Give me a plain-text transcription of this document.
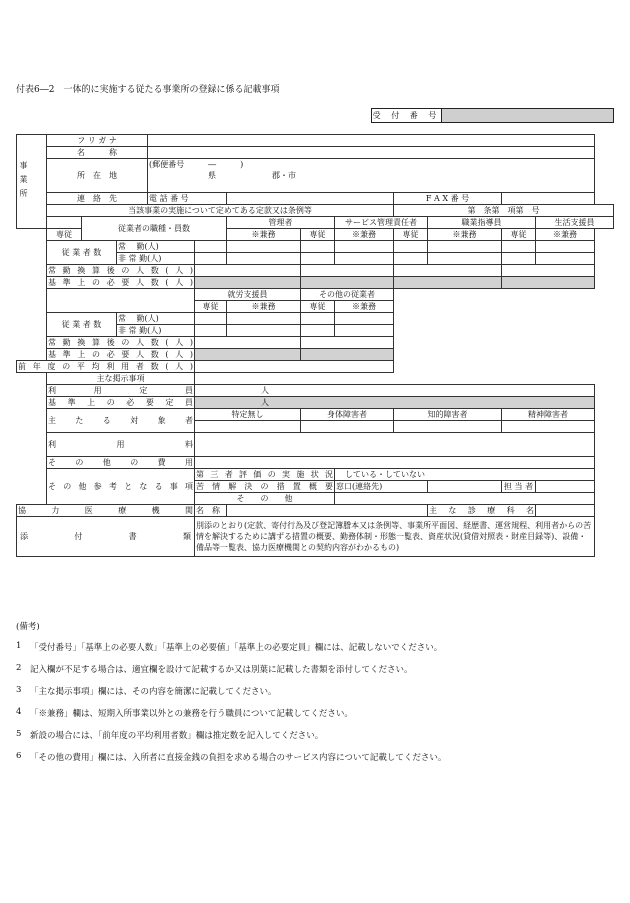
付表6―2　一体的に実施する従たる事業所の登録に係る記載事項
受 付 番 号
事業所	フ リ ガ ナ											
	名　　　称											
	所　在　地			(郵便番号　　　―　　　)								
				県　　　　　　　郡・市								

	連　絡　先			電 話 番 号					F A X 番 号			
	当該事業の実施について定めてある定款又は条例等								第　条第　項第　号			
		従業者の職種・員数				管理者		サービス管理責任者		職業指導員		生活支援員
	専従					※兼務	専従	※兼務	専従	※兼務	専従	※兼務
	従 業 者 数		常　 勤(人)									
			非 常 勤(人)									
	常勤換算後の人数(人)											
	基準上の必要人数(人)											
					就労支援員		その他の従業者					
					専従	※兼務	専従	※兼務				
	従 業 者 数		常　 勤(人)									
			非 常 勤(人)									
	常勤換算後の人数(人)											
	基準上の必要人数(人)											
前年度の平均利用者数(人)												
	主な掲示事項											
	利　　用　　定　　員				人							
	基準上の必要定員				人							
	主　た　る　対　象　者				特定無し		身体障害者		知的障害者		精神障害者	

	利　　　　用　　　　料											
	そ　の　他　の　費　用											
	その他参考となる事項				第三者評価の実施状況			している・していない				
					苦情解決の措置概要			窓口(連絡先)			担 当 者	
					そ　　の　　他							
協　力　医　療　機　関					名　称					主 な 診 療 科 名		
添　　付　　書　　類					別添のとおり(定款、寄付行為及び登記簿謄本又は条例等、事業所平面図、経歴書、運営規程、利用者からの苦情を解決するために講ずる措置の概要、勤務体制・形態一覧表、資産状況(貸借対照表・財産目録等)、設備・備品等一覧表、協力医療機関との契約内容がわかるもの)							
(備考)
1	「受付番号」「基準上の必要人数」「基準上の必要値」「基準上の必要定員」欄には、記載しないでください。
2	記入欄が不足する場合は、適宜欄を設けて記載するか又は別葉に記載した書類を添付してください。
3	「主な掲示事項」欄には、その内容を簡潔に記載してください。
4	「※兼務」欄は、短期入所事業以外との兼務を行う職員について記載してください。
5	新設の場合には、「前年度の平均利用者数」欄は推定数を記入してください。
6	「その他の費用」欄には、入所者に直接金銭の負担を求める場合のサービス内容について記載してください。
